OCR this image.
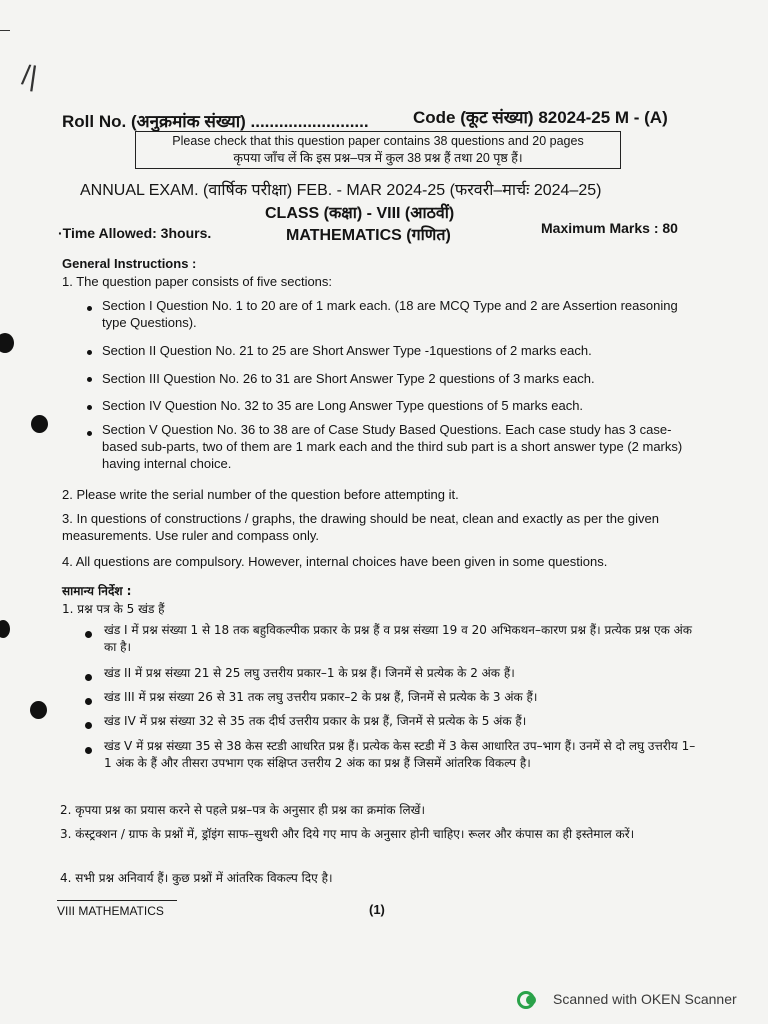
/|
Roll No. (अनुक्रमांक संख्या) .........................	Code (कूट संख्या) 82024-25 M - (A)
Please check that this question paper contains 38 questions and 20 pages
कृपया जाँच लें कि इस प्रश्न–पत्र में कुल 38 प्रश्न हैं तथा 20 पृष्ठ हैं।
ANNUAL EXAM. (वार्षिक परीक्षा) FEB. - MAR 2024-25 (फरवरी–मार्चः 2024–25)
CLASS (कक्षा) - VIII (आठवीं)
·Time Allowed: 3hours.	MATHEMATICS (गणित)	Maximum Marks : 80
General Instructions :
1. The question paper consists of five sections:
Section I Question No. 1 to 20 are of 1 mark each. (18 are MCQ Type and 2 are Assertion reasoning type Questions).
Section II Question No. 21 to 25 are Short Answer Type -1questions of 2 marks each.
Section III Question No. 26 to 31 are Short Answer Type 2 questions of 3 marks each.
Section IV Question No. 32 to 35 are Long Answer Type questions of 5 marks each.
Section V Question No. 36 to 38 are of Case Study Based Questions. Each case study has 3 case-based sub-parts, two of them are 1 mark each and the third sub part is a short answer type (2 marks) having internal choice.
2. Please write the serial number of the question before attempting it.
3. In questions of constructions / graphs, the drawing should be neat, clean and exactly as per the given measurements. Use ruler and compass only.
4. All questions are compulsory. However, internal choices have been given in some questions.
सामान्य निर्देश :
1. प्रश्न पत्र के 5 खंड हैं
खंड I में प्रश्न संख्या 1 से 18 तक बहुविकल्पीक प्रकार के प्रश्न हैं व प्रश्न संख्या 19 व 20 अभिकथन–कारण प्रश्न हैं। प्रत्येक प्रश्न एक अंक का है।
खंड II में प्रश्न संख्या 21 से 25 लघु उत्तरीय प्रकार–1 के प्रश्न हैं। जिनमें से प्रत्येक के 2 अंक हैं।
खंड III में प्रश्न संख्या 26 से 31 तक लघु उत्तरीय प्रकार–2 के प्रश्न हैं, जिनमें से प्रत्येक के 3 अंक हैं।
खंड IV में प्रश्न संख्या 32 से 35 तक दीर्घ उत्तरीय प्रकार के प्रश्न हैं, जिनमें से प्रत्येक के 5 अंक हैं।
खंड V में प्रश्न संख्या 35 से 38 केस स्टडी आधरित प्रश्न हैं। प्रत्येक केस स्टडी में 3 केस आधारित उप–भाग हैं। उनमें से दो लघु उत्तरीय 1–1 अंक के हैं और तीसरा उपभाग एक संक्षिप्त उत्तरीय 2 अंक का प्रश्न हैं जिसमें आंतरिक विकल्प है।
2. कृपया प्रश्न का प्रयास करने से पहले प्रश्न–पत्र के अनुसार ही प्रश्न का क्रमांक लिखें।
3. कंस्ट्रक्शन / ग्राफ के प्रश्नों में, ड्रॉइंग साफ–सुथरी और दिये गए माप के अनुसार होनी चाहिए। रूलर और कंपास का ही इस्तेमाल करें।
4. सभी प्रश्न अनिवार्य हैं। कुछ प्रश्नों में आंतरिक विकल्प दिए है।
VIII MATHEMATICS	(1)
Scanned with OKEN Scanner
